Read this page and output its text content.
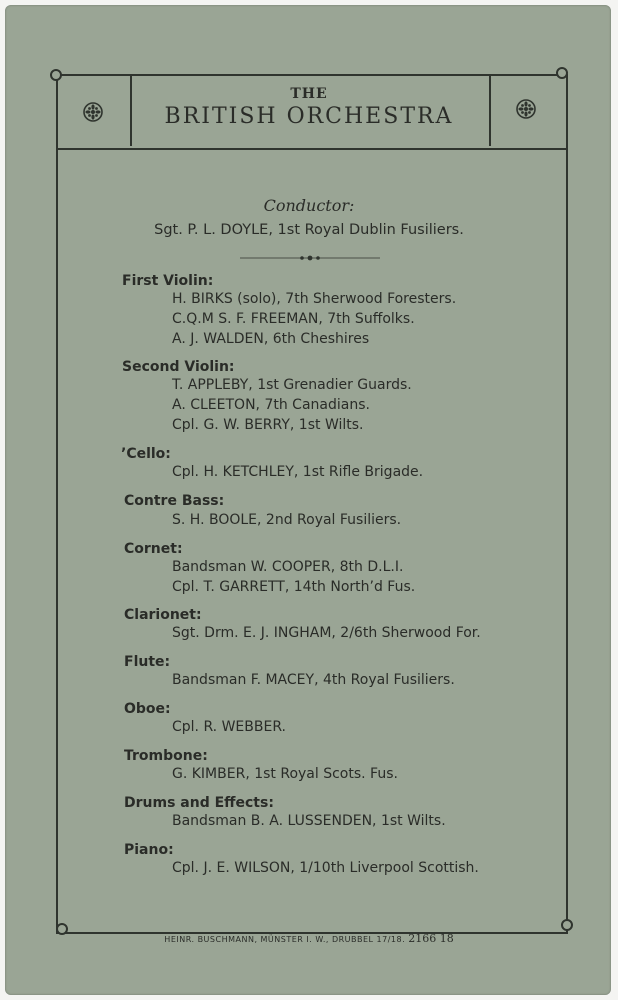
THE
BRITISH ORCHESTRA
Conductor:
Sgt. P. L. DOYLE, 1st Royal Dublin Fusiliers.
First Violin:
H. BIRKS (solo), 7th Sherwood Foresters.
C.Q.M S. F. FREEMAN, 7th Suffolks.
A. J. WALDEN, 6th Cheshires
Second Violin:
T. APPLEBY, 1st Grenadier Guards.
A. CLEETON, 7th Canadians.
Cpl. G. W. BERRY, 1st Wilts.
’Cello:
Cpl. H. KETCHLEY, 1st Rifle Brigade.
Contre Bass:
S. H. BOOLE, 2nd Royal Fusiliers.
Cornet:
Bandsman W. COOPER, 8th D.L.I.
Cpl. T. GARRETT, 14th North’d Fus.
Clarionet:
Sgt. Drm. E. J. INGHAM, 2/6th Sherwood For.
Flute:
Bandsman F. MACEY, 4th Royal Fusiliers.
Oboe:
Cpl. R. WEBBER.
Trombone:
G. KIMBER, 1st Royal Scots. Fus.
Drums and Effects:
Bandsman B. A. LUSSENDEN, 1st Wilts.
Piano:
Cpl. J. E. WILSON, 1/10th Liverpool Scottish.
HEINR. BUSCHMANN, MÜNSTER I. W., DRUBBEL 17/18. 2166 18
